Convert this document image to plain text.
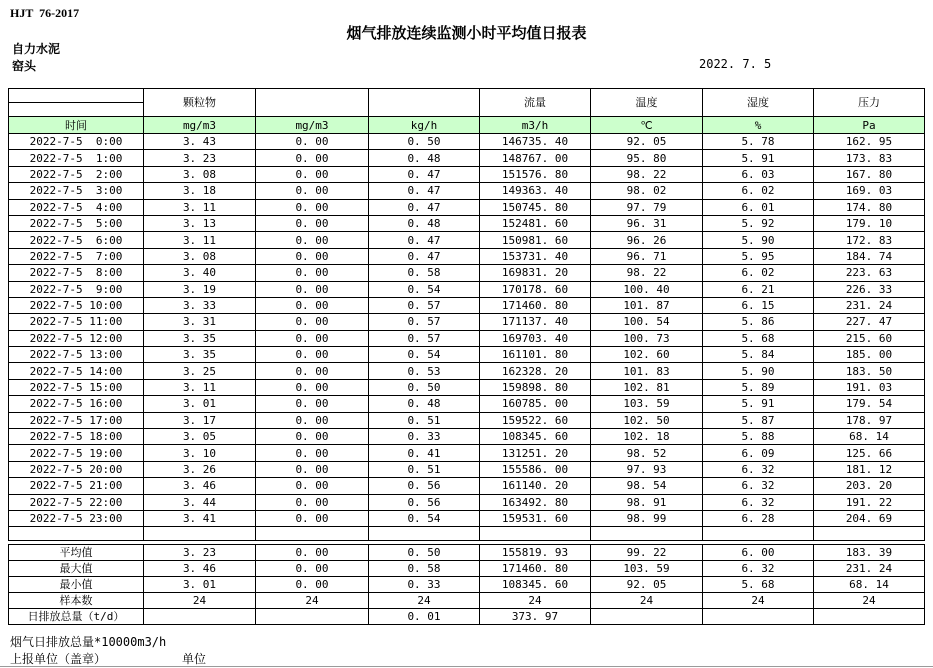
HJT  76-2017
烟气排放连续监测小时平均值日报表
自力水泥
窑头	2022. 7. 5
	颗粒物			流量	温度	湿度	压力

时间	mg/m3	mg/m3	kg/h	m3/h	℃	%	Pa
2022-7-5  0:00	3. 43	0. 00	0. 50	146735. 40	92. 05	5. 78	162. 95
2022-7-5  1:00	3. 23	0. 00	0. 48	148767. 00	95. 80	5. 91	173. 83
2022-7-5  2:00	3. 08	0. 00	0. 47	151576. 80	98. 22	6. 03	167. 80
2022-7-5  3:00	3. 18	0. 00	0. 47	149363. 40	98. 02	6. 02	169. 03
2022-7-5  4:00	3. 11	0. 00	0. 47	150745. 80	97. 79	6. 01	174. 80
2022-7-5  5:00	3. 13	0. 00	0. 48	152481. 60	96. 31	5. 92	179. 10
2022-7-5  6:00	3. 11	0. 00	0. 47	150981. 60	96. 26	5. 90	172. 83
2022-7-5  7:00	3. 08	0. 00	0. 47	153731. 40	96. 71	5. 95	184. 74
2022-7-5  8:00	3. 40	0. 00	0. 58	169831. 20	98. 22	6. 02	223. 63
2022-7-5  9:00	3. 19	0. 00	0. 54	170178. 60	100. 40	6. 21	226. 33
2022-7-5 10:00	3. 33	0. 00	0. 57	171460. 80	101. 87	6. 15	231. 24
2022-7-5 11:00	3. 31	0. 00	0. 57	171137. 40	100. 54	5. 86	227. 47
2022-7-5 12:00	3. 35	0. 00	0. 57	169703. 40	100. 73	5. 68	215. 60
2022-7-5 13:00	3. 35	0. 00	0. 54	161101. 80	102. 60	5. 84	185. 00
2022-7-5 14:00	3. 25	0. 00	0. 53	162328. 20	101. 83	5. 90	183. 50
2022-7-5 15:00	3. 11	0. 00	0. 50	159898. 80	102. 81	5. 89	191. 03
2022-7-5 16:00	3. 01	0. 00	0. 48	160785. 00	103. 59	5. 91	179. 54
2022-7-5 17:00	3. 17	0. 00	0. 51	159522. 60	102. 50	5. 87	178. 97
2022-7-5 18:00	3. 05	0. 00	0. 33	108345. 60	102. 18	5. 88	68. 14
2022-7-5 19:00	3. 10	0. 00	0. 41	131251. 20	98. 52	6. 09	125. 66
2022-7-5 20:00	3. 26	0. 00	0. 51	155586. 00	97. 93	6. 32	181. 12
2022-7-5 21:00	3. 46	0. 00	0. 56	161140. 20	98. 54	6. 32	203. 20
2022-7-5 22:00	3. 44	0. 00	0. 56	163492. 80	98. 91	6. 32	191. 22
2022-7-5 23:00	3. 41	0. 00	0. 54	159531. 60	98. 99	6. 28	204. 69

平均值	3. 23	0. 00	0. 50	155819. 93	99. 22	6. 00	183. 39
最大值	3. 46	0. 00	0. 58	171460. 80	103. 59	6. 32	231. 24
最小值	3. 01	0. 00	0. 33	108345. 60	92. 05	5. 68	68. 14
样本数	24	24	24	24	24	24	24
日排放总量（t/d）			0. 01	373. 97			
烟气日排放总量*10000m3/h
上报单位（盖章）	单位
